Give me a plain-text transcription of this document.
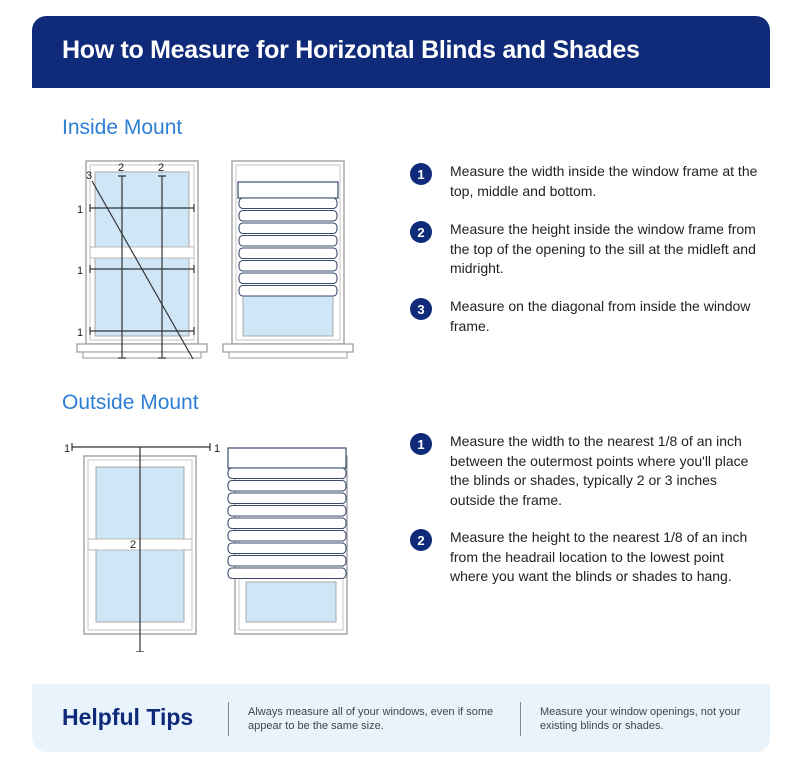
How to Measure for Horizontal Blinds and Shades
Inside Mount
3
2	2
1
1
1
1	Measure the width inside the window frame at the top, middle and bottom.
2	Measure the height inside the window frame from the top of the opening to the sill at the midleft and midright.
3	Measure on the diagonal from inside the window frame.
Outside Mount
1	1
2
1	Measure the width to the nearest 1/8 of an inch between the outermost points where you'll place the blinds or shades, typically 2 or 3 inches outside the frame.
2	Measure the height to the nearest 1/8 of an inch from the headrail location to the lowest point where you want the blinds or shades to hang.
Helpful Tips	Always measure all of your windows, even if some appear to be the same size.
Measure your window openings, not your existing blinds or shades.
